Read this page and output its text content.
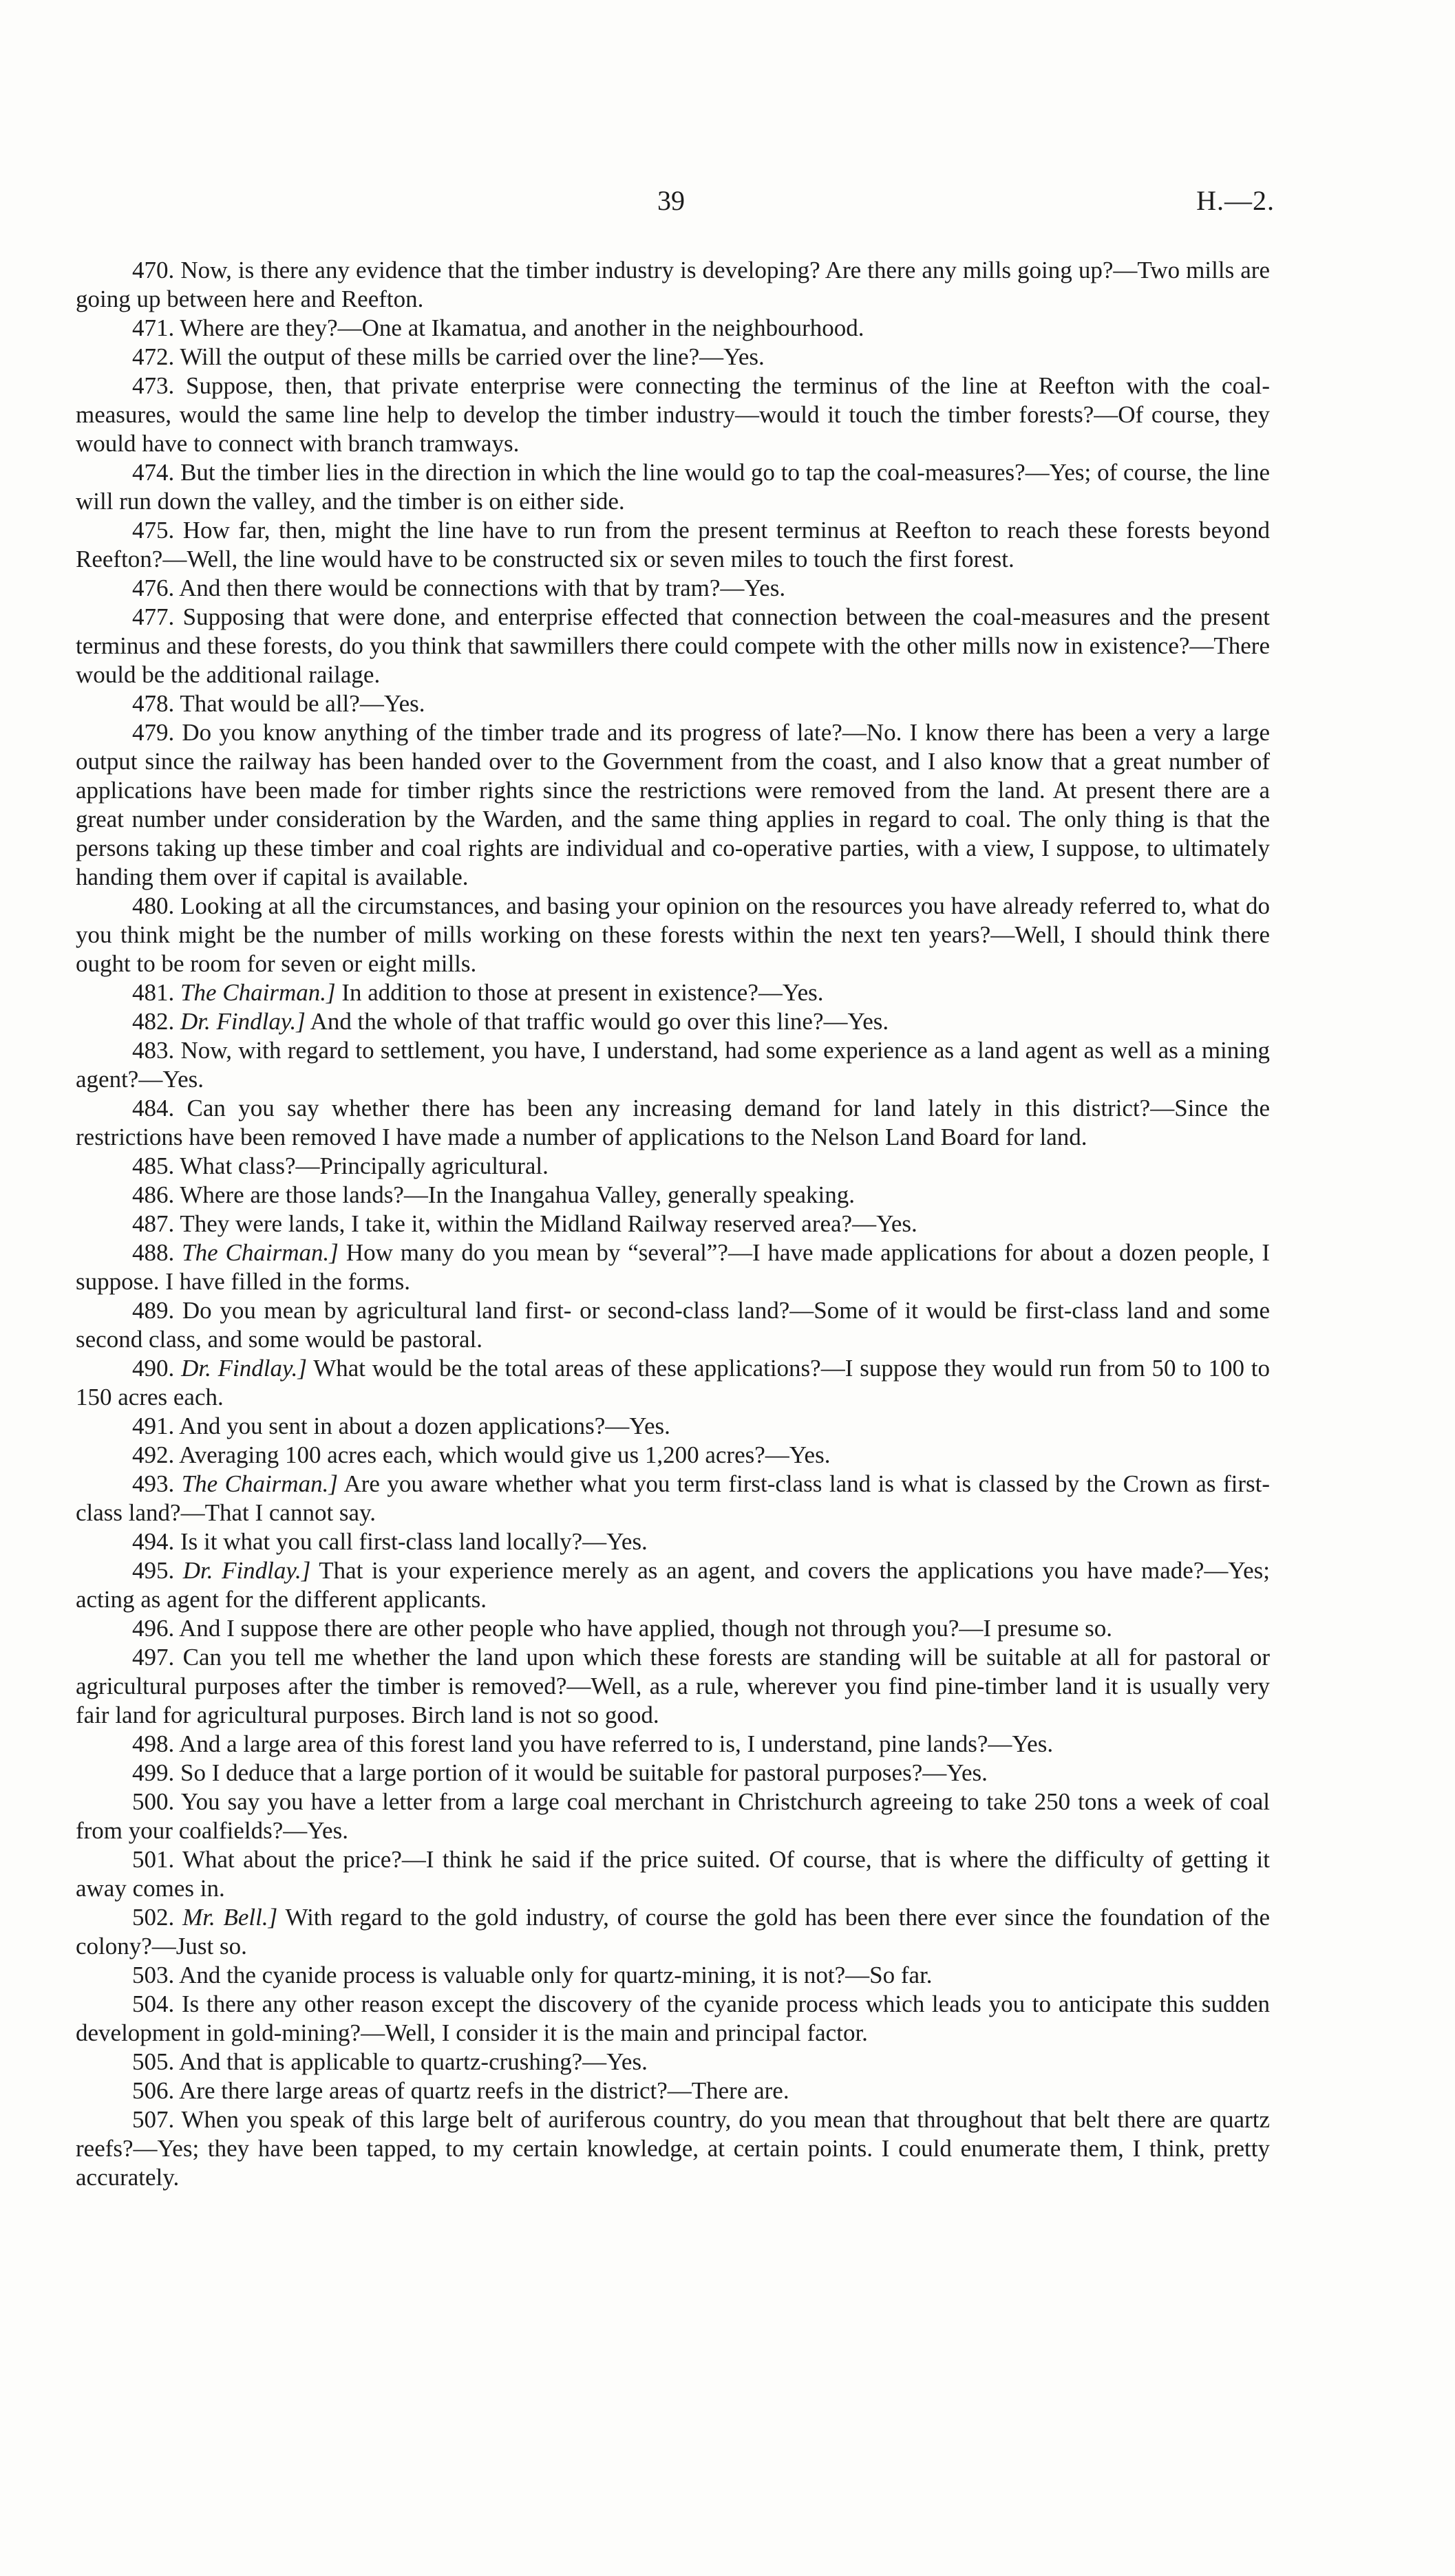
39	H.—2.

470. Now, is there any evidence that the timber industry is developing? Are there any mills going up?—Two mills are going up between here and Reefton.

471. Where are they?—One at Ikamatua, and another in the neighbourhood.

472. Will the output of these mills be carried over the line?—Yes.

473. Suppose, then, that private enterprise were connecting the terminus of the line at Reefton with the coal-measures, would the same line help to develop the timber industry—would it touch the timber forests?—Of course, they would have to connect with branch tramways.

474. But the timber lies in the direction in which the line would go to tap the coal-measures?—Yes; of course, the line will run down the valley, and the timber is on either side.

475. How far, then, might the line have to run from the present terminus at Reefton to reach these forests beyond Reefton?—Well, the line would have to be constructed six or seven miles to touch the first forest.

476. And then there would be connections with that by tram?—Yes.

477. Supposing that were done, and enterprise effected that connection between the coal-measures and the present terminus and these forests, do you think that sawmillers there could compete with the other mills now in existence?—There would be the additional railage.

478. That would be all?—Yes.

479. Do you know anything of the timber trade and its progress of late?—No. I know there has been a very a large output since the railway has been handed over to the Government from the coast, and I also know that a great number of applications have been made for timber rights since the restrictions were removed from the land. At present there are a great number under consideration by the Warden, and the same thing applies in regard to coal. The only thing is that the persons taking up these timber and coal rights are individual and co-operative parties, with a view, I suppose, to ultimately handing them over if capital is available.

480. Looking at all the circumstances, and basing your opinion on the resources you have already referred to, what do you think might be the number of mills working on these forests within the next ten years?—Well, I should think there ought to be room for seven or eight mills.

481. The Chairman.] In addition to those at present in existence?—Yes.

482. Dr. Findlay.] And the whole of that traffic would go over this line?—Yes.

483. Now, with regard to settlement, you have, I understand, had some experience as a land agent as well as a mining agent?—Yes.

484. Can you say whether there has been any increasing demand for land lately in this district?—Since the restrictions have been removed I have made a number of applications to the Nelson Land Board for land.

485. What class?—Principally agricultural.

486. Where are those lands?—In the Inangahua Valley, generally speaking.

487. They were lands, I take it, within the Midland Railway reserved area?—Yes.

488. The Chairman.] How many do you mean by “several”?—I have made applications for about a dozen people, I suppose. I have filled in the forms.

489. Do you mean by agricultural land first- or second-class land?—Some of it would be first-class land and some second class, and some would be pastoral.

490. Dr. Findlay.] What would be the total areas of these applications?—I suppose they would run from 50 to 100 to 150 acres each.

491. And you sent in about a dozen applications?—Yes.

492. Averaging 100 acres each, which would give us 1,200 acres?—Yes.

493. The Chairman.] Are you aware whether what you term first-class land is what is classed by the Crown as first-class land?—That I cannot say.

494. Is it what you call first-class land locally?—Yes.

495. Dr. Findlay.] That is your experience merely as an agent, and covers the applications you have made?—Yes; acting as agent for the different applicants.

496. And I suppose there are other people who have applied, though not through you?—I presume so.

497. Can you tell me whether the land upon which these forests are standing will be suitable at all for pastoral or agricultural purposes after the timber is removed?—Well, as a rule, wherever you find pine-timber land it is usually very fair land for agricultural purposes. Birch land is not so good.

498. And a large area of this forest land you have referred to is, I understand, pine lands?—Yes.

499. So I deduce that a large portion of it would be suitable for pastoral purposes?—Yes.

500. You say you have a letter from a large coal merchant in Christchurch agreeing to take 250 tons a week of coal from your coalfields?—Yes.

501. What about the price?—I think he said if the price suited. Of course, that is where the difficulty of getting it away comes in.

502. Mr. Bell.] With regard to the gold industry, of course the gold has been there ever since the foundation of the colony?—Just so.

503. And the cyanide process is valuable only for quartz-mining, it is not?—So far.

504. Is there any other reason except the discovery of the cyanide process which leads you to anticipate this sudden development in gold-mining?—Well, I consider it is the main and principal factor.

505. And that is applicable to quartz-crushing?—Yes.

506. Are there large areas of quartz reefs in the district?—There are.

507. When you speak of this large belt of auriferous country, do you mean that throughout that belt there are quartz reefs?—Yes; they have been tapped, to my certain knowledge, at certain points. I could enumerate them, I think, pretty accurately.
